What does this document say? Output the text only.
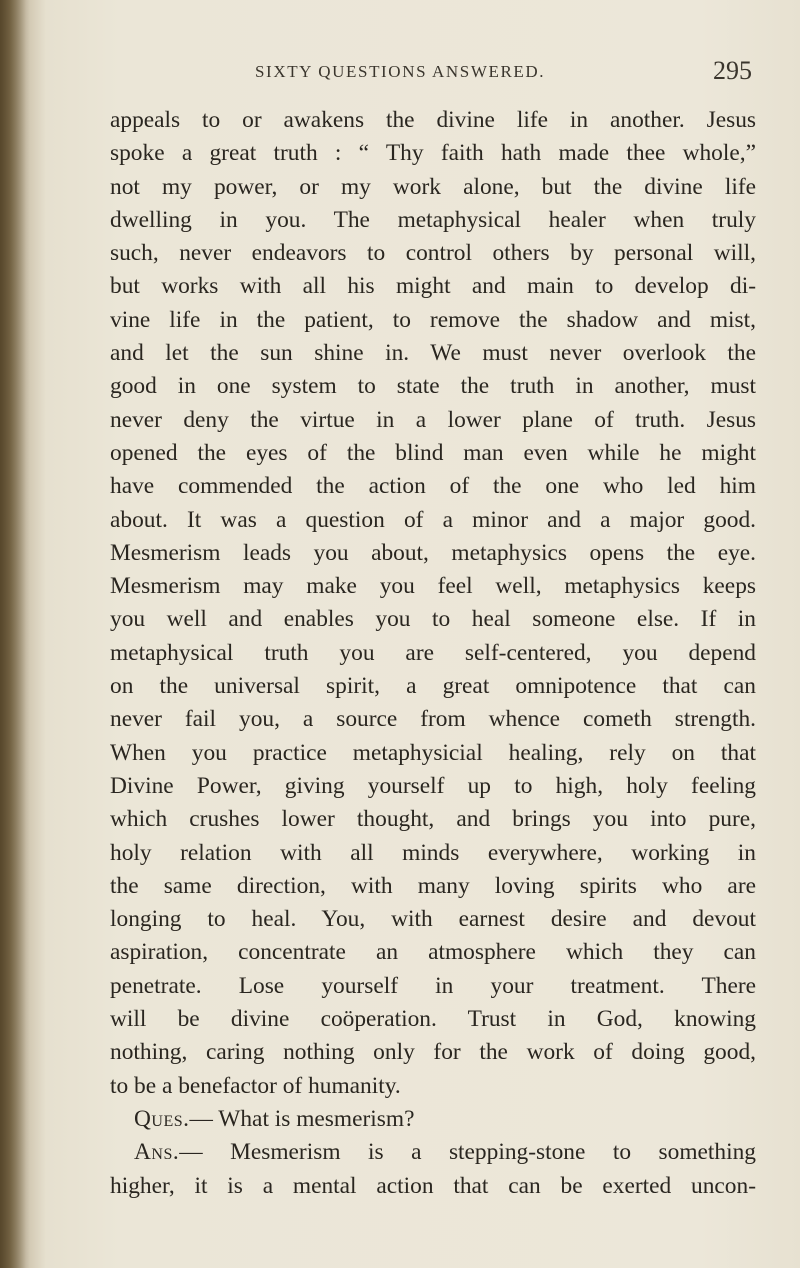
SIXTY QUESTIONS ANSWERED.	295
appeals to or awakens the divine life in another. Jesus
spoke a great truth : “ Thy faith hath made thee whole,”
not my power, or my work alone, but the divine life
dwelling in you. The metaphysical healer when truly
such, never endeavors to control others by personal will,
but works with all his might and main to develop di-
vine life in the patient, to remove the shadow and mist,
and let the sun shine in. We must never overlook the
good in one system to state the truth in another, must
never deny the virtue in a lower plane of truth. Jesus
opened the eyes of the blind man even while he might
have commended the action of the one who led him
about. It was a question of a minor and a major good.
Mesmerism leads you about, metaphysics opens the eye.
Mesmerism may make you feel well, metaphysics keeps
you well and enables you to heal someone else. If in
metaphysical truth you are self-centered, you depend
on the universal spirit, a great omnipotence that can
never fail you, a source from whence cometh strength.
When you practice metaphysicial healing, rely on that
Divine Power, giving yourself up to high, holy feeling
which crushes lower thought, and brings you into pure,
holy relation with all minds everywhere, working in
the same direction, with many loving spirits who are
longing to heal. You, with earnest desire and devout
aspiration, concentrate an atmosphere which they can
penetrate. Lose yourself in your treatment. There
will be divine coöperation. Trust in God, knowing
nothing, caring nothing only for the work of doing good,
to be a benefactor of humanity.
Ques.— What is mesmerism?
Ans.— Mesmerism is a stepping-stone to something
higher, it is a mental action that can be exerted uncon-
